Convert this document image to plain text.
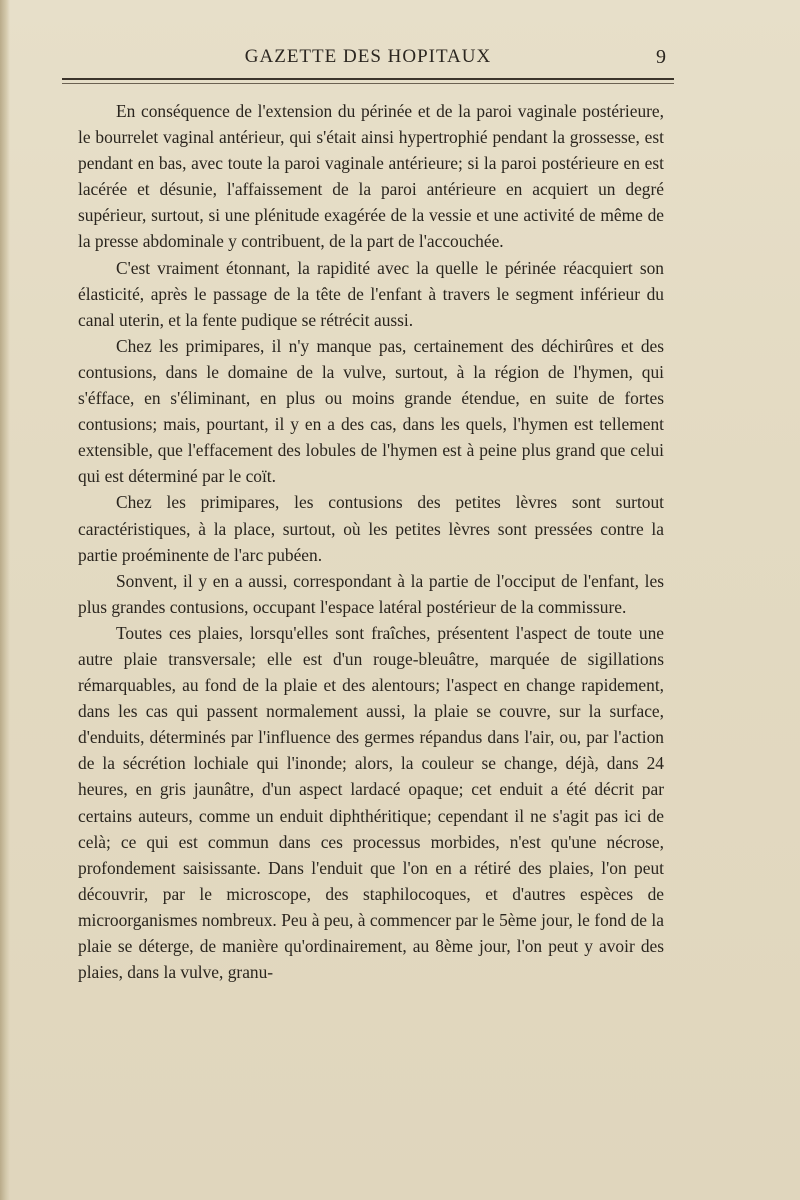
GAZETTE DES HOPITAUX	9

En conséquence de l'extension du périnée et de la paroi vaginale postérieure, le bourrelet vaginal antérieur, qui s'était ainsi hypertrophié pendant la grossesse, est pendant en bas, avec toute la paroi vaginale antérieure; si la paroi postérieure en est lacérée et désunie, l'affaissement de la paroi antérieure en acquiert un degré supérieur, surtout, si une plénitude exagérée de la vessie et une activité de même de la presse abdominale y contribuent, de la part de l'accouchée.

C'est vraiment étonnant, la rapidité avec la quelle le périnée réacquiert son élasticité, après le passage de la tête de l'enfant à travers le segment inférieur du canal uterin, et la fente pudique se rétrécit aussi.

Chez les primipares, il n'y manque pas, certainement des déchirûres et des contusions, dans le domaine de la vulve, surtout, à la région de l'hymen, qui s'éfface, en s'éliminant, en plus ou moins grande étendue, en suite de fortes contusions; mais, pourtant, il y en a des cas, dans les quels, l'hymen est tellement extensible, que l'effacement des lobules de l'hymen est à peine plus grand que celui qui est déterminé par le coït.

Chez les primipares, les contusions des petites lèvres sont surtout caractéristiques, à la place, surtout, où les petites lèvres sont pressées contre la partie proéminente de l'arc pubéen.

Sonvent, il y en a aussi, correspondant à la partie de l'occiput de l'enfant, les plus grandes contusions, occupant l'espace latéral postérieur de la commissure.

Toutes ces plaies, lorsqu'elles sont fraîches, présentent l'aspect de toute une autre plaie transversale; elle est d'un rouge-bleuâtre, marquée de sigillations rémarquables, au fond de la plaie et des alentours; l'aspect en change rapidement, dans les cas qui passent normalement aussi, la plaie se couvre, sur la surface, d'enduits, déterminés par l'influence des germes répandus dans l'air, ou, par l'action de la sécrétion lochiale qui l'inonde; alors, la couleur se change, déjà, dans 24 heures, en gris jaunâtre, d'un aspect lardacé opaque; cet enduit a été décrit par certains auteurs, comme un enduit diphthéritique; cependant il ne s'agit pas ici de celà; ce qui est commun dans ces processus morbides, n'est qu'une nécrose, profondement saisissante. Dans l'enduit que l'on en a rétiré des plaies, l'on peut découvrir, par le microscope, des staphilocoques, et d'autres espèces de microorganismes nombreux. Peu à peu, à commencer par le 5ème jour, le fond de la plaie se déterge, de manière qu'ordinairement, au 8ème jour, l'on peut y avoir des plaies, dans la vulve, granu-
